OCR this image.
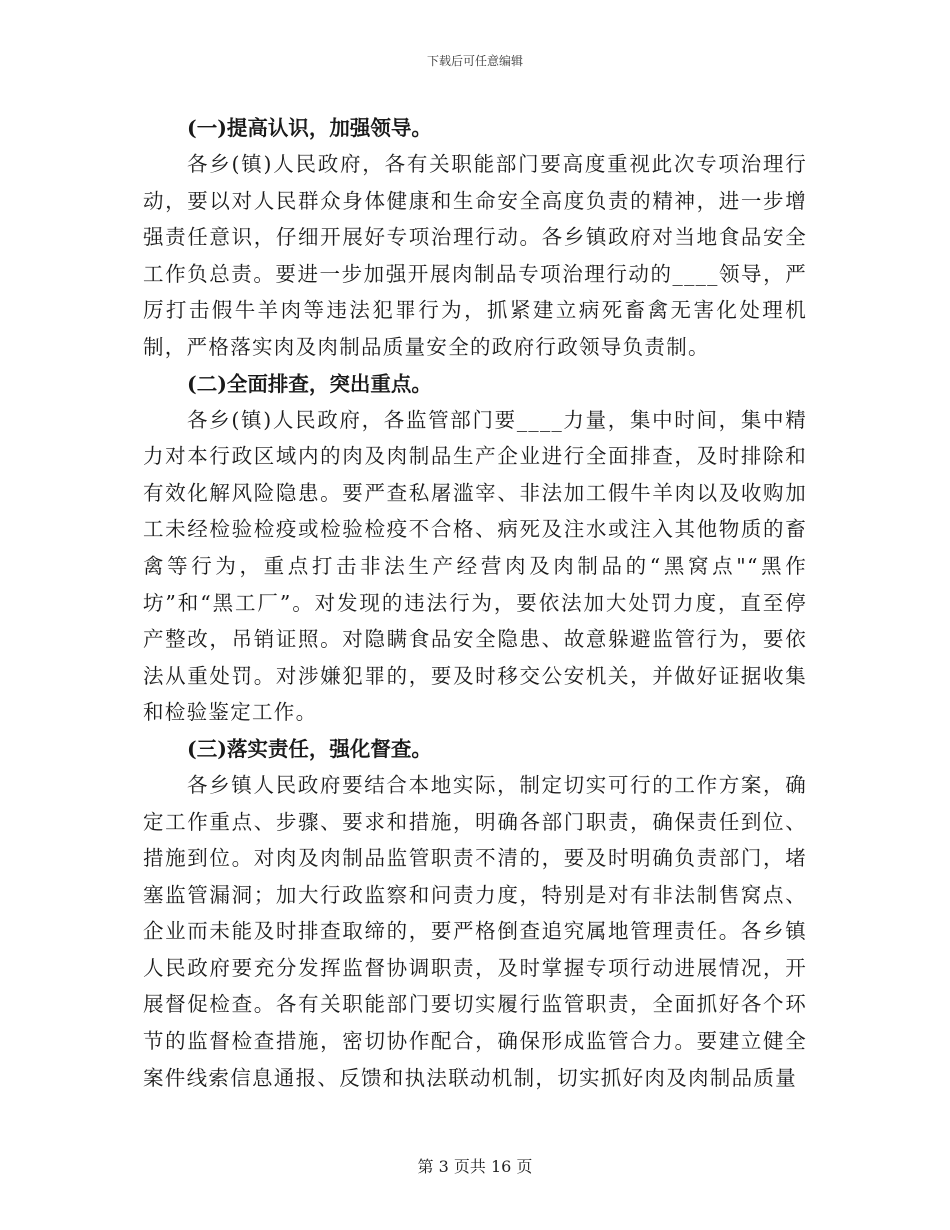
下载后可任意编辑
(一)提高认识，加强领导。

各乡(镇)人民政府，各有关职能部门要高度重视此次专项治理行动，要以对人民群众身体健康和生命安全高度负责的精神，进一步增强责任意识，仔细开展好专项治理行动。各乡镇政府对当地食品安全工作负总责。要进一步加强开展肉制品专项治理行动的____领导，严厉打击假牛羊肉等违法犯罪行为，抓紧建立病死畜禽无害化处理机制，严格落实肉及肉制品质量安全的政府行政领导负责制。

(二)全面排查，突出重点。

各乡(镇)人民政府，各监管部门要____力量，集中时间，集中精力对本行政区域内的肉及肉制品生产企业进行全面排查，及时排除和有效化解风险隐患。要严查私屠滥宰、非法加工假牛羊肉以及收购加工未经检验检疫或检验检疫不合格、病死及注水或注入其他物质的畜禽等行为，重点打击非法生产经营肉及肉制品的“黑窝点"“黑作坊”和“黑工厂”。对发现的违法行为，要依法加大处罚力度，直至停产整改，吊销证照。对隐瞒食品安全隐患、故意躲避监管行为，要依法从重处罚。对涉嫌犯罪的，要及时移交公安机关，并做好证据收集和检验鉴定工作。

(三)落实责任，强化督查。

各乡镇人民政府要结合本地实际，制定切实可行的工作方案，确定工作重点、步骤、要求和措施，明确各部门职责，确保责任到位、措施到位。对肉及肉制品监管职责不清的，要及时明确负责部门，堵塞监管漏洞；加大行政监察和问责力度，特别是对有非法制售窝点、企业而未能及时排查取缔的，要严格倒查追究属地管理责任。各乡镇人民政府要充分发挥监督协调职责，及时掌握专项行动进展情况，开展督促检查。各有关职能部门要切实履行监管职责，全面抓好各个环节的监督检查措施，密切协作配合，确保形成监管合力。要建立健全案件线索信息通报、反馈和执法联动机制，切实抓好肉及肉制品质量

第 3 页共 16 页
